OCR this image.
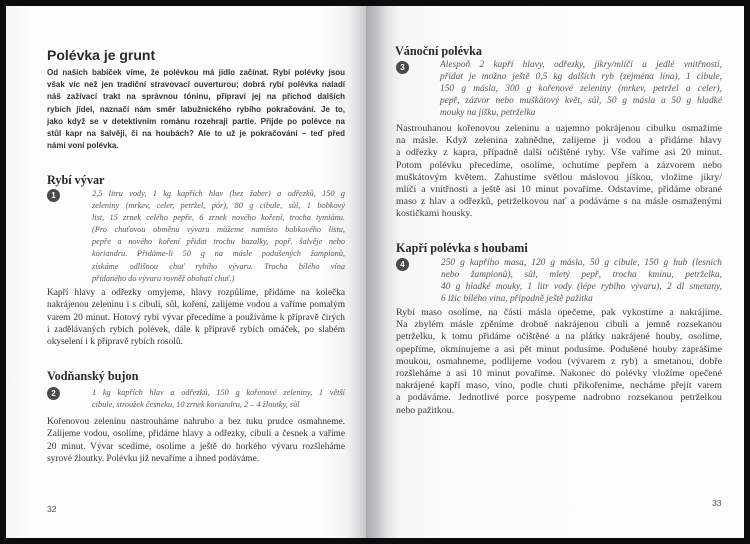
Polévka je grunt
Od našich babiček víme, že polévkou má jídlo začínat. Rybí polévky jsou
však víc než jen tradiční stravovací ouverturou; dobrá rybí polévka naladí
náš zažívací trakt na správnou tóninu, připraví jej na příchod dalších
rybích jídel, naznačí nám směr labužnického rybího pokračování. Je to,
jako když se v detektivním románu rozehrají partie. Přijde po polévce na
stůl kapr na šalvěji, či na houbách? Ale to už je pokračování – teď před
námi voní polévka.
Rybí vývar
1	2,5 litru vody, 1 kg kapřích hlav (bez žaber) a odřezků, 150 g
zeleniny (mrkev, celer, petržel, pór), 80 g cibule, sůl, 1 bobkový
list, 15 zrnek celého pepře, 6 zrnek nového koření, trocha tymiánu.
(Pro chuťovou obměnu vývaru můžeme namísto bobkového listu,
pepře a nového koření přidat trochu bazalky, popř. šalvěje nebo
koriandru. Přidáme-li 50 g na másle podušených žampionů,
získáme odlišnou chuť rybího vývaru. Trocha bílého vína
přidaného do vývaru rovněž obohatí chuť.)
Kapří hlavy a odřezky omyjeme, hlavy rozpůlíme, přidáme na kolečka
nakrájenou zeleninu i s cibulí, sůl, koření, zalijeme vodou a vaříme pomalým
varem 20 minut. Hotový rybí vývar přecedíme a používáme k přípravě čirých
i zadělávaných rybích polévek, dále k přípravě rybích omáček, po slabém
okyselení i k přípravě rybích rosolů.
Vodňanský bujon
2	1 kg kapřích hlav a odřezků, 150 g kořenové zeleniny, 1 větší
cibule, stroužek česneku, 10 zrnek koriandru, 2 – 4 žloutky, sůl
Kořenovou zeleninu nastrouháme nahrubo a bez tuku prudce osmahneme.
Zalijeme vodou, osolíme, přidáme hlavy a odřezky, cibuli a česnek a vaříme
20 minut. Vývar scedíme, osolíme a ještě do horkého vývaru rozšleháme
syrové žloutky. Polévku již nevaříme a ihned podáváme.
32
Vánoční polévka
3	Alespoň 2 kapří hlavy, odřezky, jikry/mlíčí a jedlé vnitřnosti,
přidat je možno ještě 0,5 kg dalších ryb (zejména lína), 1 cibule,
150 g másla, 300 g kořenové zeleniny (mrkev, petržel a celer),
pepř, zázvor nebo muškátový květ, sůl, 50 g másla a 50 g hladké
mouky na jíšku, petrželka
Nastrouhanou kořenovou zeleninu a najemno pokrájenou cibulku osmažíme
na másle. Když zelenina zahnědne, zalijeme ji vodou a přidáme hlavy
a odřezky z kapra, případně další očištěné ryby. Vše vaříme asi 20 minut.
Potom polévku přecedíme, osolíme, ochutíme pepřem a zázvorem nebo
muškátovým květem. Zahustíme světlou máslovou jíškou, vložíme jikry/
mlíčí a vnitřnosti a ještě asi 10 minut povaříme. Odstavíme, přidáme obrané
maso z hlav a odřezků, petrželkovou nať a podáváme s na másle osmaženými
kostičkami housky.
Kapří polévka s houbami
4	250 g kapřího masa, 120 g másla, 50 g cibule, 150 g hub (lesních
nebo žampionů), sůl, mletý pepř, trocha kmínu, petrželka,
40 g hladké mouky, 1 litr vody (lépe rybího vývaru), 2 dl smetany,
6 lžic bílého vína, případně ještě pažitka
Rybí maso osolíme, na části másla opečeme, pak vykostíme a nakrájíme.
Na zbylém másle zpěníme drobně nakrájenou cibuli a jemně rozsekanou
petrželku, k tomu přidáme očištěné a na plátky nakrájené houby, osolíme,
opepříme, okmínujeme a asi pět minut podusíme. Podušené houby zaprášíme
moukou, osmahneme, podlijeme vodou (vývarem z ryb) a smetanou, dobře
rozšleháme a asi 10 minut povaříme. Nakonec do polévky vložíme opečené
nakrájené kapří maso, víno, podle chuti přikořeníme, necháme přejít varem
a podáváme. Jednotlivé porce posypeme nadrobno rozsekanou petrželkou
nebo pažitkou.
33
